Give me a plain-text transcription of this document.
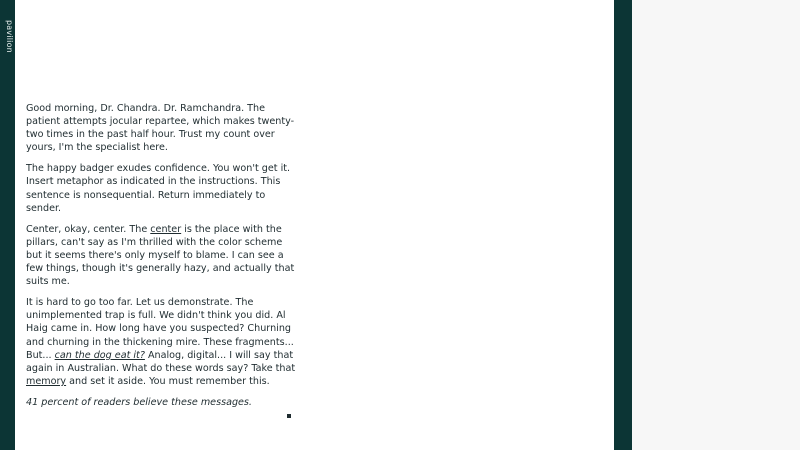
pavilion

Good morning, Dr. Chandra. Dr. Ramchandra. The patient attempts jocular repartee, which makes twenty-two times in the past half hour. Trust my count over yours, I'm the specialist here.

The happy badger exudes confidence. You won't get it. Insert metaphor as indicated in the instructions. This sentence is nonsequential. Return immediately to sender.

Center, okay, center. The center is the place with the pillars, can't say as I'm thrilled with the color scheme but it seems there's only myself to blame. I can see a few things, though it's generally hazy, and actually that suits me.

It is hard to go too far. Let us demonstrate. The unimplemented trap is full. We didn't think you did. Al Haig came in. How long have you suspected? Churning and churning in the thickening mire. These fragments... But... can the dog eat it? Analog, digital... I will say that again in Australian. What do these words say? Take that memory and set it aside. You must remember this.

41 percent of readers believe these messages.
